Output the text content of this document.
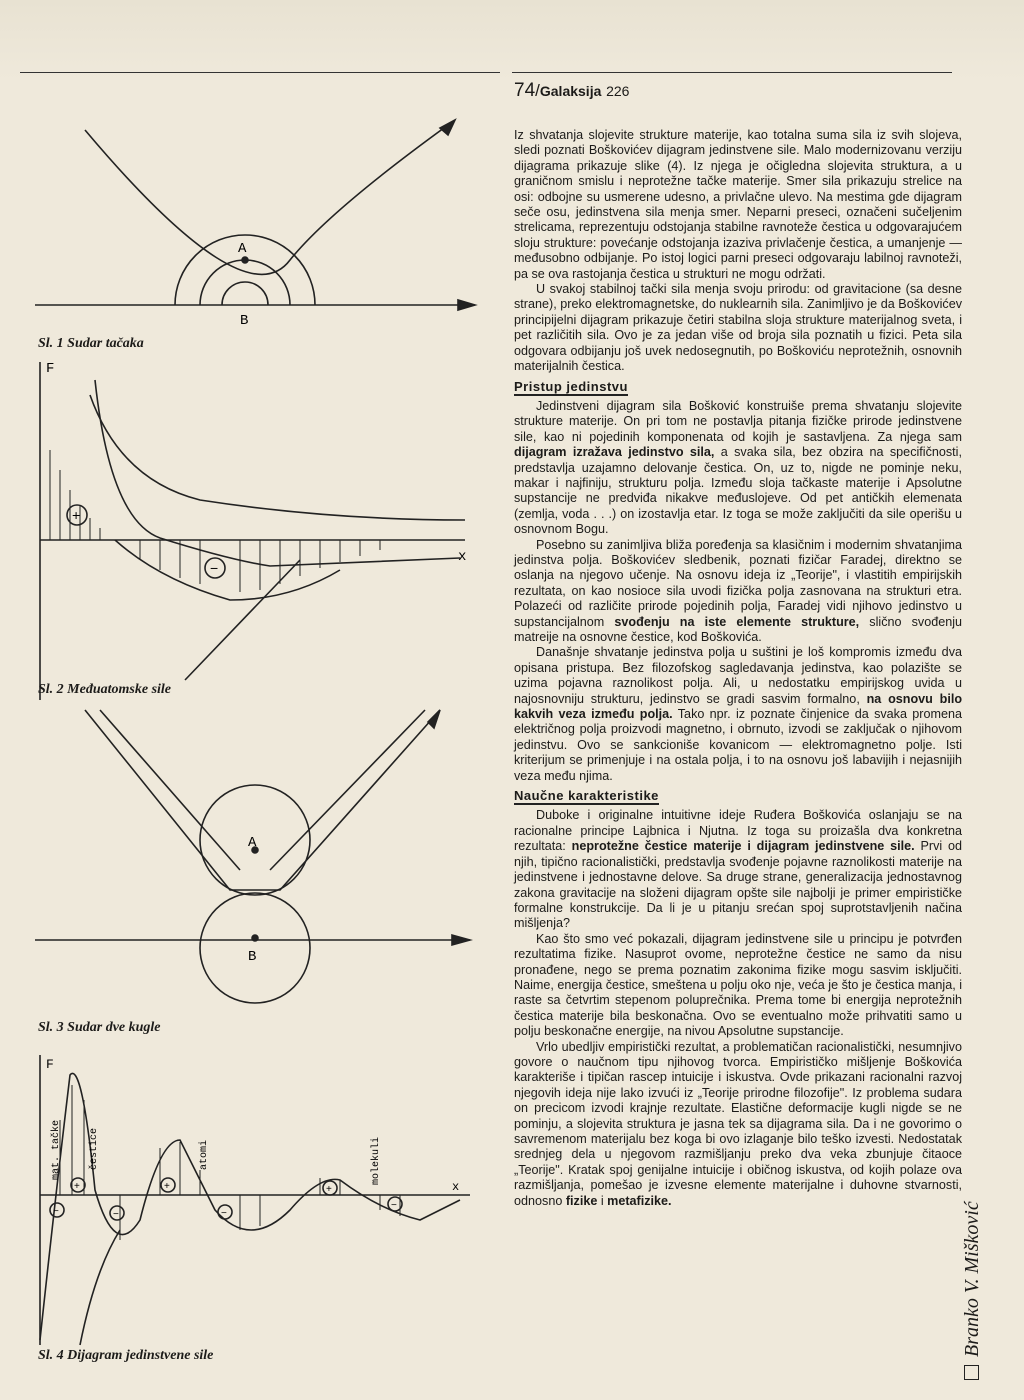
74/Galaksija 226
A
B
F
x
+
−
A
B
F
x
mat. tačke	čestice	atomi	molekuli
+
−	−
+
−
+
−
Sl. 1 Sudar tačaka
Sl. 2 Međuatomske sile
Sl. 3 Sudar dve kugle
Sl. 4 Dijagram jedinstvene sile

Iz shvatanja slojevite strukture materije, kao totalna suma sila iz svih slojeva, sledi poznati Boškovićev dijagram jedinstvene sile. Malo modernizovanu verziju dijagrama prikazuje slike (4). Iz njega je očigledna slojevita struktura, a u graničnom smislu i neprotežne tačke materije. Smer sila prikazuju strelice na osi: odbojne su usmerene udesno, a privlačne ulevo. Na mestima gde dijagram seče osu, jedinstvena sila menja smer. Neparni preseci, označeni sučeljenim strelicama, reprezentuju odstojanja stabilne ravnoteže čestica u odgovarajućem sloju strukture: povećanje odstojanja izaziva privlačenje čestica, a umanjenje — međusobno odbijanje. Po istoj logici parni preseci odgovaraju labilnoj ravnoteži, pa se ova rastojanja čestica u strukturi ne mogu održati.

U svakoj stabilnoj tački sila menja svoju prirodu: od gravitacione (sa desne strane), preko elektromagnetske, do nuklearnih sila. Zanimljivo je da Boškovićev principijelni dijagram prikazuje četiri stabilna sloja strukture materijalnog sveta, i pet različitih sila. Ovo je za jedan više od broja sila poznatih u fizici. Peta sila odgovara odbijanju još uvek nedosegnutih, po Boškoviću neprotežnih, osnovnih materijalnih čestica.

Pristup jedinstvu

Jedinstveni dijagram sila Bošković konstruiše prema shvatanju slojevite strukture materije. On pri tom ne postavlja pitanja fizičke prirode jedinstvene sile, kao ni pojedinih komponenata od kojih je sastavljena. Za njega sam dijagram izražava jedinstvo sila, a svaka sila, bez obzira na specifičnosti, predstavlja uzajamno delovanje čestica. On, uz to, nigde ne pominje neku, makar i najfiniju, strukturu polja. Između sloja tačkaste materije i Apsolutne supstancije ne predviđa nikakve međuslojeve. Od pet antičkih elemenata (zemlja, voda . . .) on izostavlja etar. Iz toga se može zaključiti da sile operišu u osnovnom Bogu.

Posebno su zanimljiva bliža poređenja sa klasičnim i modernim shvatanjima jedinstva polja. Boškovićev sledbenik, poznati fizičar Faradej, direktno se oslanja na njegovo učenje. Na osnovu ideja iz „Teorije", i vlastitih empirijskih rezultata, on kao nosioce sila uvodi fizička polja zasnovana na strukturi etra. Polazeći od različite prirode pojedinih polja, Faradej vidi njihovo jedinstvo u supstancijalnom svođenju na iste elemente strukture, slično svođenju matreije na osnovne čestice, kod Boškovića.

Današnje shvatanje jedinstva polja u suštini je loš kompromis između dva opisana pristupa. Bez filozofskog sagledavanja jedinstva, kao polazište se uzima pojavna raznolikost polja. Ali, u nedostatku empirijskog uvida u najosnovniju strukturu, jedinstvo se gradi sasvim formalno, na osnovu bilo kakvih veza između polja. Tako npr. iz poznate činjenice da svaka promena električnog polja proizvodi magnetno, i obrnuto, izvodi se zaključak o njihovom jedinstvu. Ovo se sankcioniše kovanicom — elektromagnetno polje. Isti kriterijum se primenjuje i na ostala polja, i to na osnovu još labavijih i nejasnijih veza među njima.

Naučne karakteristike

Duboke i originalne intuitivne ideje Ruđera Boškovića oslanjaju se na racionalne principe Lajbnica i Njutna. Iz toga su proizašla dva konkretna rezultata: neprotežne čestice materije i dijagram jedinstvene sile. Prvi od njih, tipično racionalistički, predstavlja svođenje pojavne raznolikosti materije na jedinstvene i jednostavne delove. Sa druge strane, generalizacija jednostavnog zakona gravitacije na složeni dijagram opšte sile najbolji je primer empirističke formalne konstrukcije. Da li je u pitanju srećan spoj suprotstavljenih načina mišljenja?

Kao što smo već pokazali, dijagram jedinstvene sile u principu je potvrđen rezultatima fizike. Nasuprot ovome, neprotežne čestice ne samo da nisu pronađene, nego se prema poznatim zakonima fizike mogu sasvim isključiti. Naime, energija čestice, smeštena u polju oko nje, veća je što je čestica manja, i raste sa četvrtim stepenom poluprečnika. Prema tome bi energija neprotežnih čestica materije bila beskonačna. Ovo se eventualno može prihvatiti samo u polju beskonačne energije, na nivou Apsolutne supstancije.

Vrlo ubedljiv empiristički rezultat, a problematičan racionalistički, nesumnjivo govore o naučnom tipu njihovog tvorca. Empirističko mišljenje Boškovića karakteriše i tipičan rascep intuicije i iskustva. Ovde prikazani racionalni razvoj njegovih ideja nije lako izvući iz „Teorije prirodne filozofije". Iz problema sudara on precicom izvodi krajnje rezultate. Elastične deformacije kugli nigde se ne pominju, a slojevita struktura je jasna tek sa dijagrama sila. Da i ne govorimo o savremenom materijalu bez koga bi ovo izlaganje bilo teško izvesti. Nedostatak srednjeg dela u njegovom razmišljanju preko dva veka zbunjuje čitaoce „Teorije". Kratak spoj genijalne intuicije i običnog iskustva, od kojih polaze ova razmišljanja, pomešao je izvesne elemente materijalne i duhovne stvarnosti, odnosno fizike i metafizike.

Branko V. Mišković
